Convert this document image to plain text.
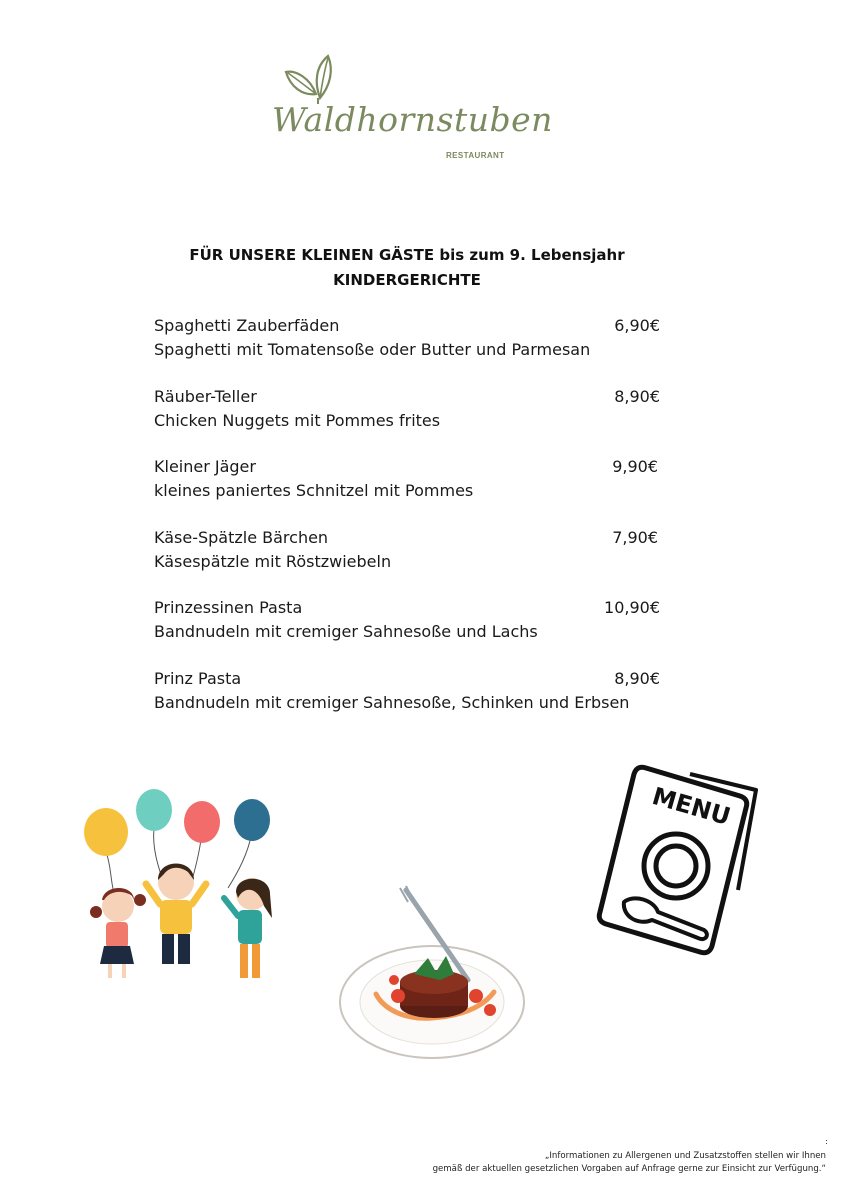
Waldhornstuben
RESTAURANT
FÜR UNSERE KLEINEN GÄSTE bis zum 9. Lebensjahr
KINDERGERICHTE
Spaghetti Zauberfäden	6,90€
Spaghetti mit Tomatensoße oder Butter und Parmesan
Räuber-Teller	8,90€
Chicken Nuggets mit Pommes frites
Kleiner Jäger	9,90€
kleines paniertes Schnitzel mit Pommes
Käse-Spätzle Bärchen	7,90€
Käsespätzle mit Röstzwiebeln
Prinzessinen Pasta	10,90€
Bandnudeln mit cremiger Sahnesoße und Lachs
Prinz Pasta	8,90€
Bandnudeln mit cremiger Sahnesoße, Schinken und Erbsen
MENU
:
„Informationen zu Allergenen und Zusatzstoffen stellen wir Ihnen
gemäß der aktuellen gesetzlichen Vorgaben auf Anfrage gerne zur Einsicht zur Verfügung.“
